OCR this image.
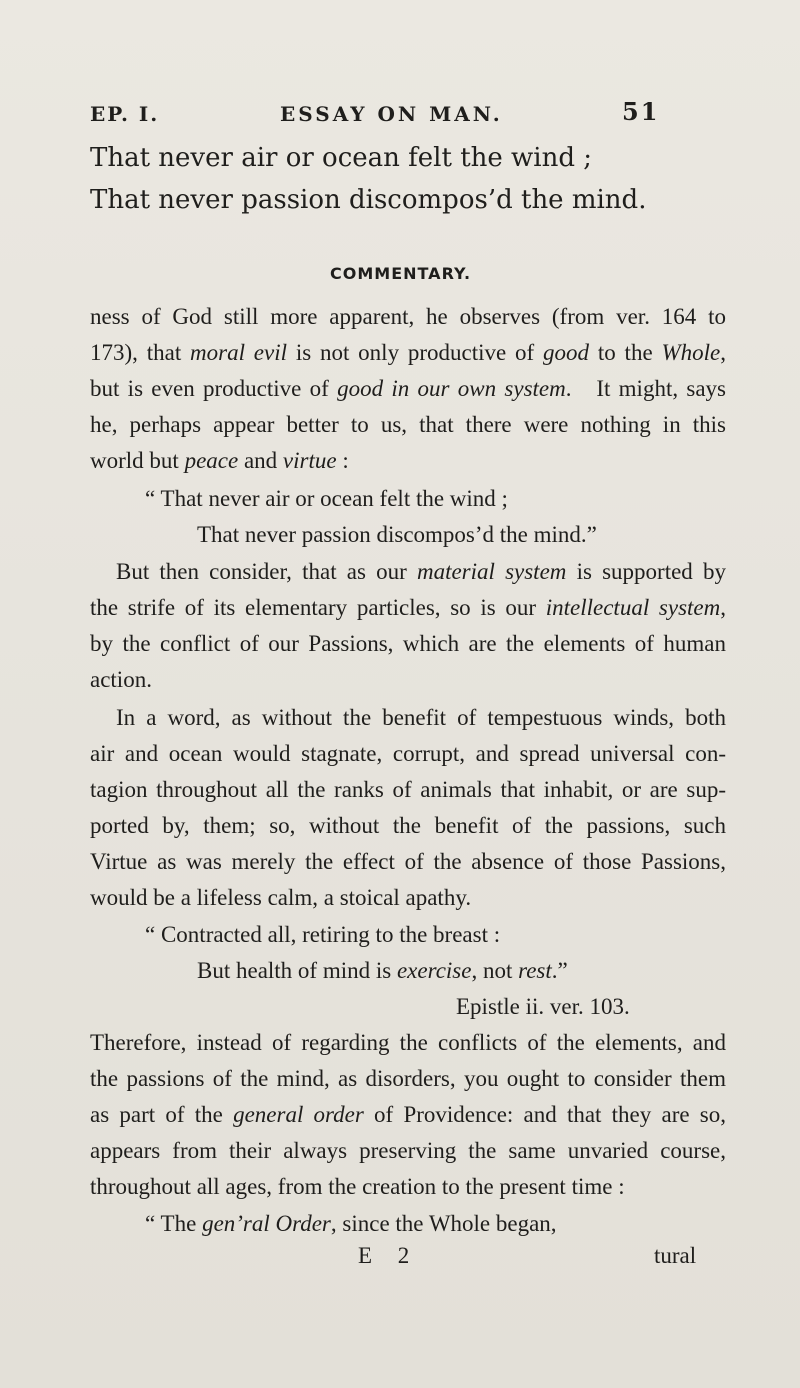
EP. I.	ESSAY ON MAN.	51
That never air or ocean felt the wind ;
That never passion discompos’d the mind.
COMMENTARY.
ness of God still more apparent, he observes (from ver. 164 to
173), that moral evil is not only productive of good to the Whole,
but is even productive of good in our own system.   It might, says
he, perhaps appear better to us, that there were nothing in this
world but peace and virtue :
“ That never air or ocean felt the wind ;
That never passion discompos’d the mind.”
But then consider, that as our material system is supported by
the strife of its elementary particles, so is our intellectual system,
by the conflict of our Passions, which are the elements of human
action.
In a word, as without the benefit of tempestuous winds, both
air and ocean would stagnate, corrupt, and spread universal con-
tagion throughout all the ranks of animals that inhabit, or are sup-
ported by, them; so, without the benefit of the passions, such
Virtue as was merely the effect of the absence of those Passions,
would be a lifeless calm, a stoical apathy.
“ Contracted all, retiring to the breast :
But health of mind is exercise, not rest.”
Epistle ii. ver. 103.
Therefore, instead of regarding the conflicts of the elements, and
the passions of the mind, as disorders, you ought to consider them
as part of the general order of Providence: and that they are so,
appears from their always preserving the same unvaried course,
throughout all ages, from the creation to the present time :
“ The gen’ral Order, since the Whole began,
E 2	tural
